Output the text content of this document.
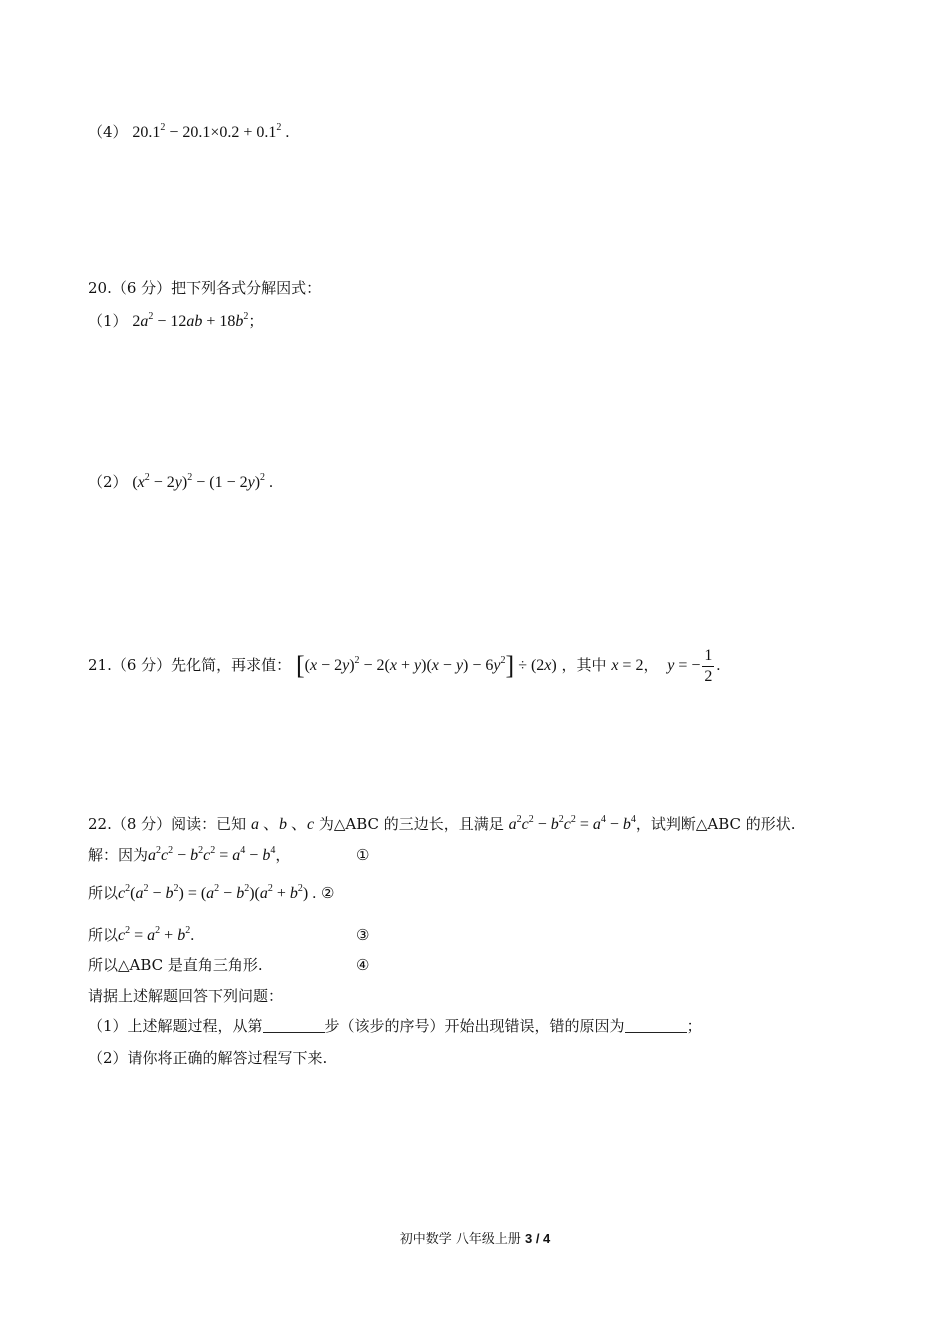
（4） $20.1^2 - 20.1\times 0.2 + 0.1^2$ .
20.（6 分）把下列各式分解因式：
（1） $2a^2 - 12ab + 18b^2$；
（2） $(x^2 - 2y)^2 - (1 - 2y)^2$ .
21.（6 分）先化简，再求值： $[(x - 2y)^2 - 2(x + y)(x - y) - 6y^2] \div (2x)$ ，其中 x = 2， y = − $\frac{1}{2}$ .
22.（8 分）阅读：已知 a 、b 、c 为△ABC 的三边长，且满足 $a^2c^2 - b^2c^2 = a^4 - b^4$，试判断△ABC 的形状.
解：因为$a^2c^2 - b^2c^2 = a^4 - b^4$，	①
所以$c^2(a^2 - b^2) = (a^2 - b^2)(a^2 + b^2)$ . ②
所以$c^2 = a^2 + b^2$.	③
所以△ABC 是直角三角形.	④
请据上述解题回答下列问题：
（1）上述解题过程，从第	步（该步的序号）开始出现错误，错的原因为	；
（2）请你将正确的解答过程写下来.
初中数学 八年级上册 3 / 4
